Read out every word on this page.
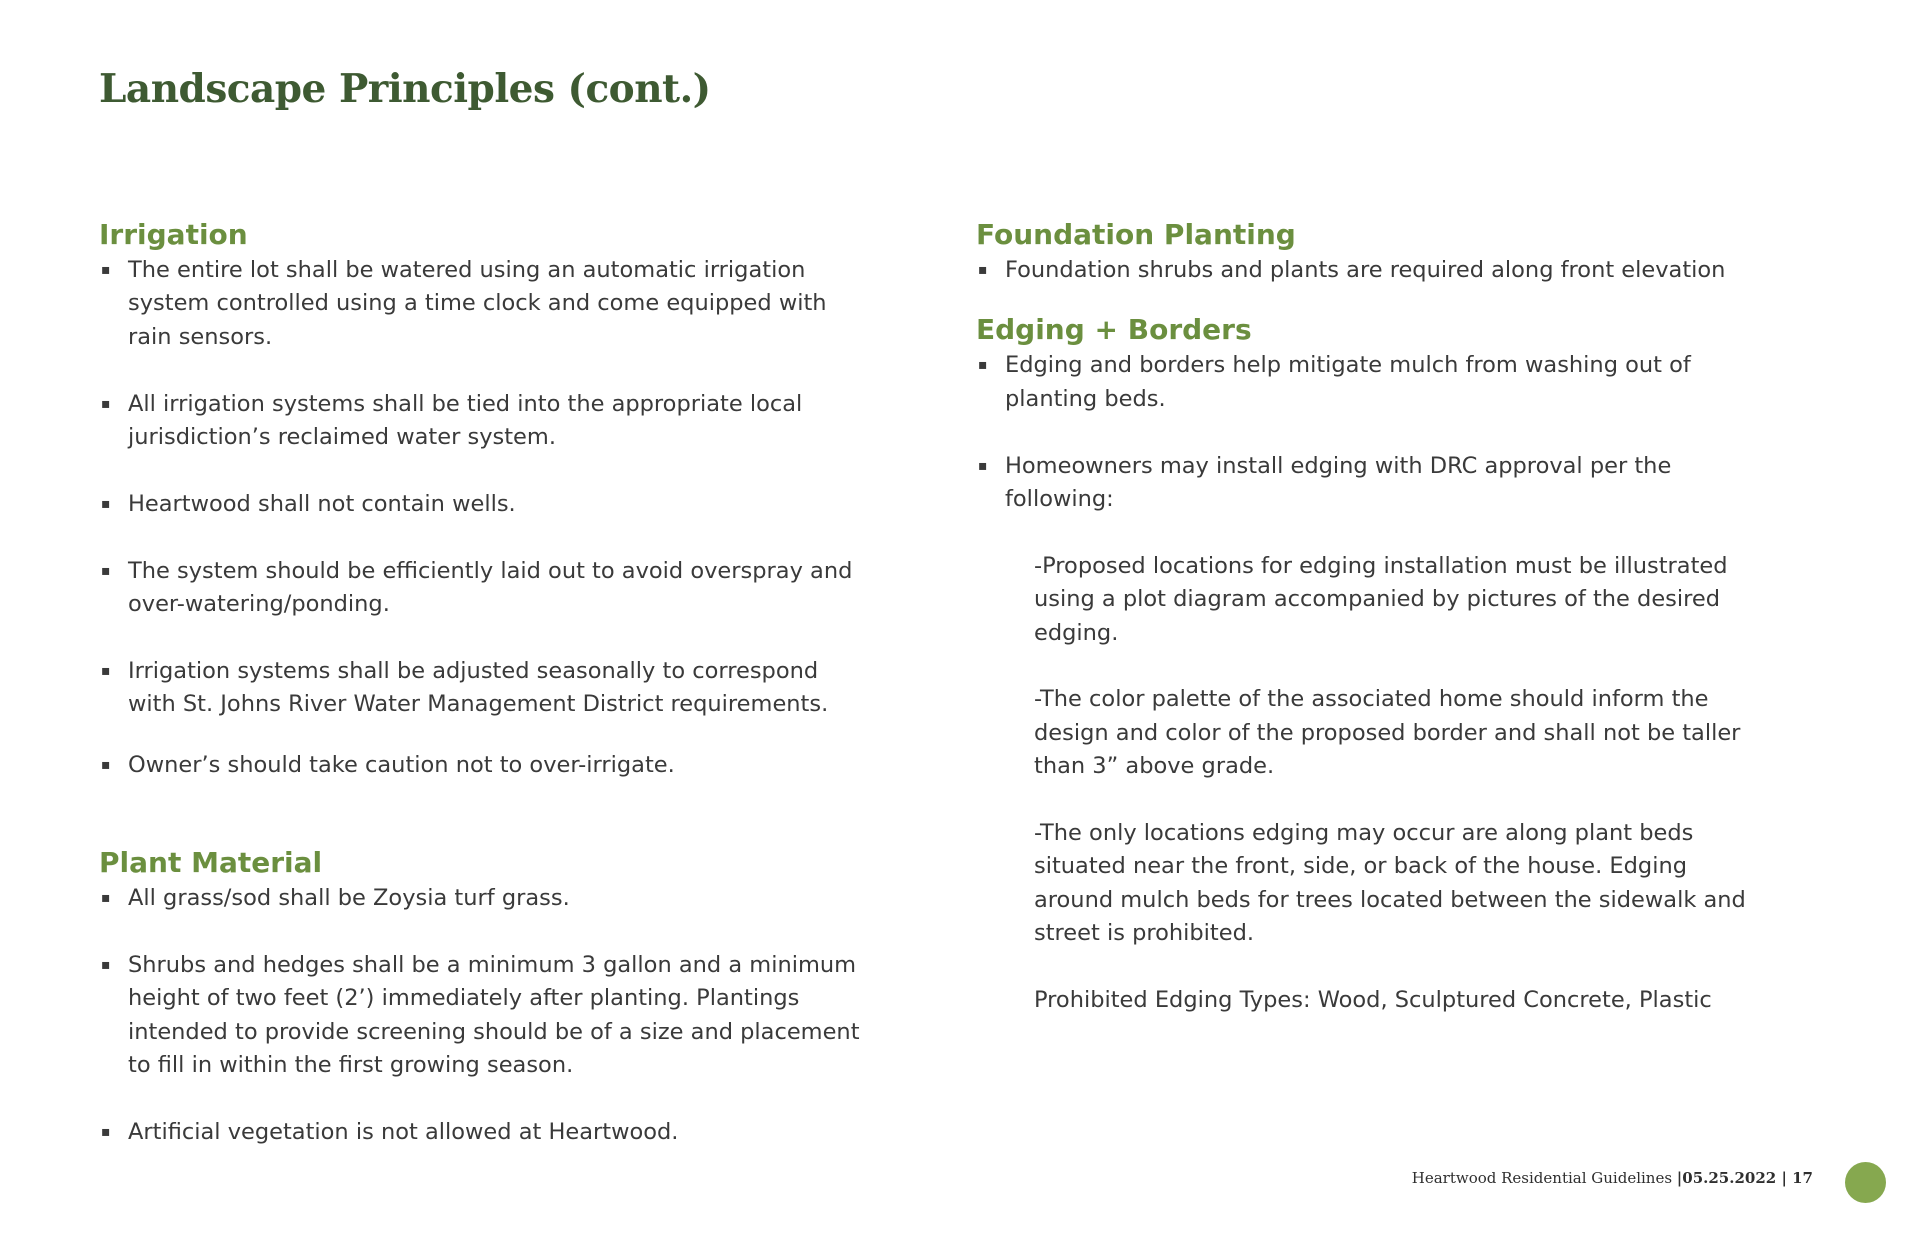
Landscape Principles (cont.)
Irrigation
▪ The entire lot shall be watered using an automatic irrigation system controlled using a time clock and come equipped with rain sensors.
▪ All irrigation systems shall be tied into the appropriate local jurisdiction’s reclaimed water system.
▪ Heartwood shall not contain wells.
▪ The system should be efficiently laid out to avoid overspray and over-watering/ponding.
▪ Irrigation systems shall be adjusted seasonally to correspond with St. Johns River Water Management District requirements.
▪ Owner’s should take caution not to over-irrigate.
Plant Material
▪ All grass/sod shall be Zoysia turf grass.
▪ Shrubs and hedges shall be a minimum 3 gallon and a minimum height of two feet (2’) immediately after planting. Plantings intended to provide screening should be of a size and placement to fill in within the first growing season.
▪ Artificial vegetation is not allowed at Heartwood.
Foundation Planting
▪ Foundation shrubs and plants are required along front elevation
Edging + Borders
▪ Edging and borders help mitigate mulch from washing out of planting beds.
▪ Homeowners may install edging with DRC approval per the following:

-Proposed locations for edging installation must be illustrated using a plot diagram accompanied by pictures of the desired edging.

-The color palette of the associated home should inform the design and color of the proposed border and shall not be taller than 3” above grade.

-The only locations edging may occur are along plant beds situated near the front, side, or back of the house. Edging around mulch beds for trees located between the sidewalk and street is prohibited.

Prohibited Edging Types: Wood, Sculptured Concrete, Plastic

Heartwood Residential Guidelines |05.25.2022 | 17
